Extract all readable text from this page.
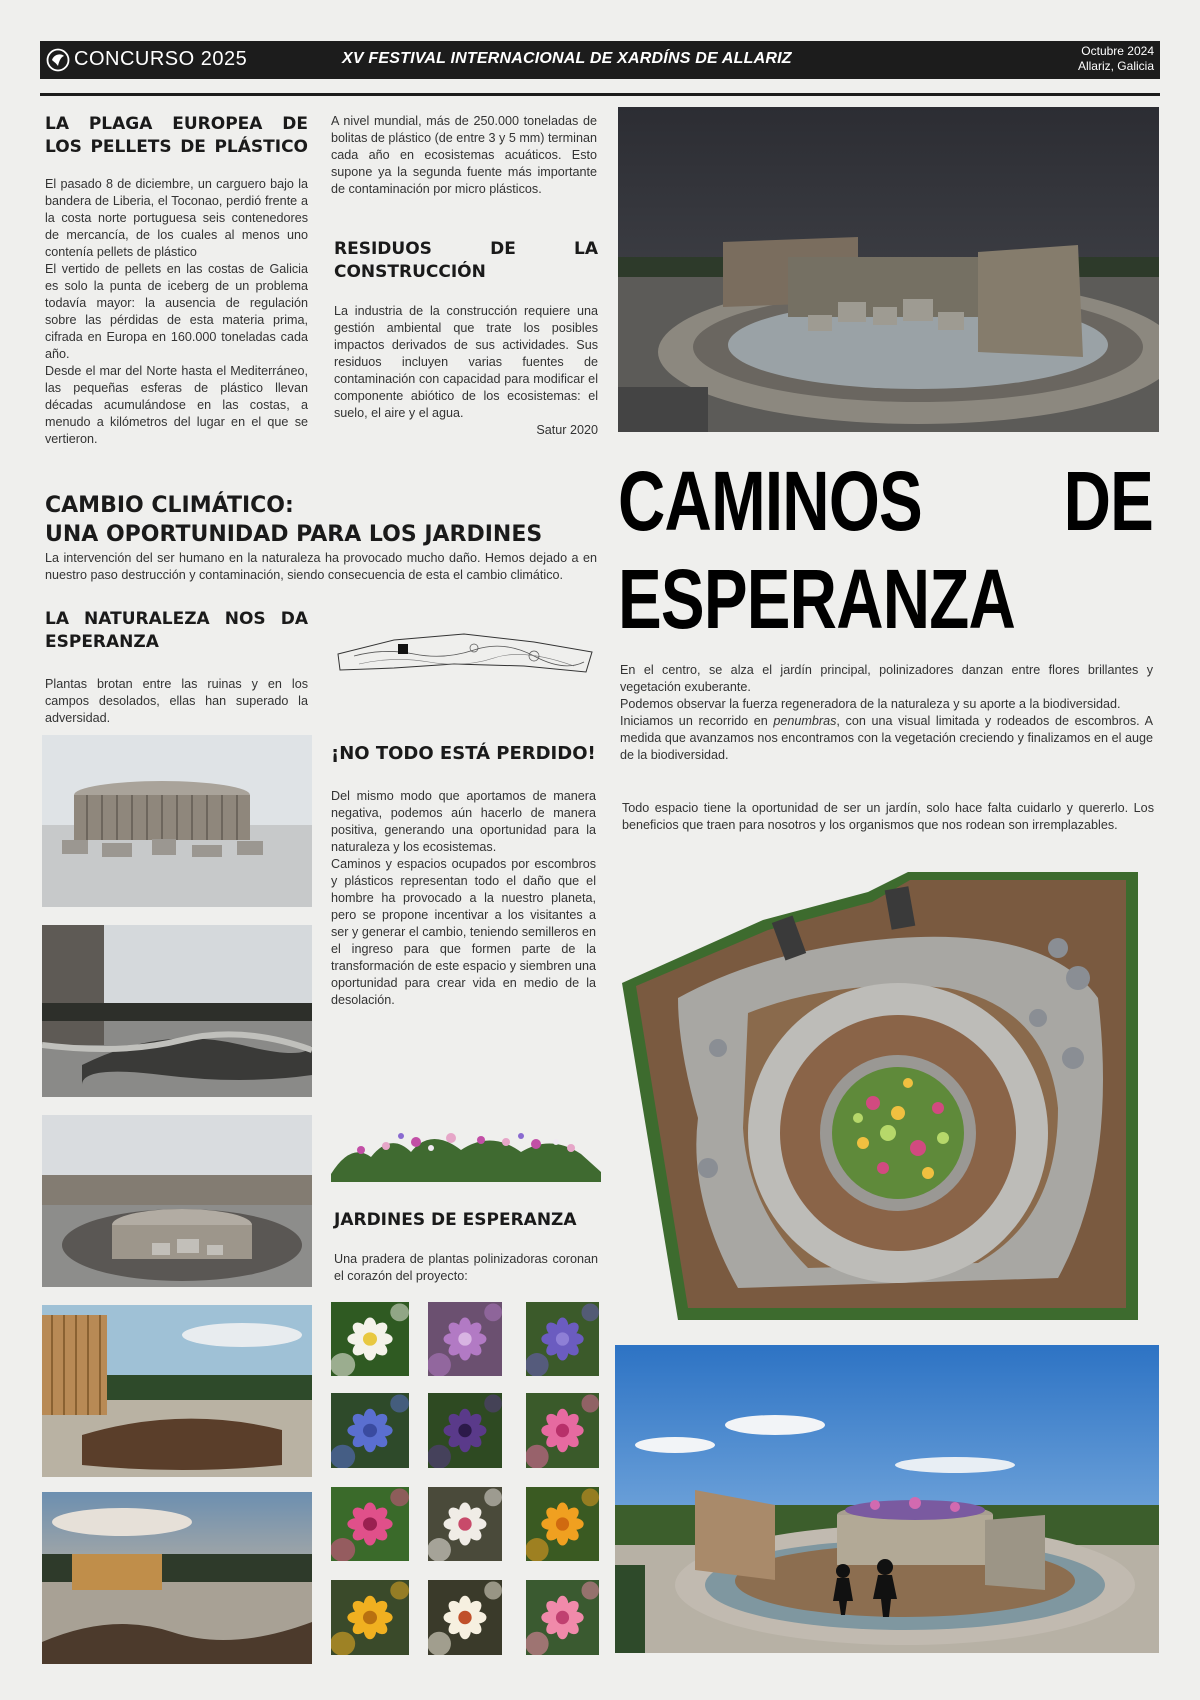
CONCURSO 2025	XV FESTIVAL INTERNACIONAL DE XARDÍNS DE ALLARIZ	Octubre 2024
Allariz, Galicia
LA PLAGA EUROPEA DE LOS PELLETS DE PLÁSTICO

El pasado 8 de diciembre, un carguero bajo la bandera de Liberia, el Toconao, perdió frente a la costa norte portuguesa seis contenedores de mercancía, de los cuales al menos uno contenía pellets de plástico

El vertido de pellets en las costas de Galicia es solo la punta de iceberg de un problema todavía mayor: la ausencia de regulación sobre las pérdidas de esta materia prima, cifrada en Europa en 160.000 toneladas cada año.

Desde el mar del Norte hasta el Mediterráneo, las pequeñas esferas de plástico llevan décadas acumulándose en las costas, a menudo a kilómetros del lugar en el que se vertieron.

A nivel mundial, más de 250.000 toneladas de bolitas de plástico (de entre 3 y 5 mm) terminan cada año en ecosistemas acuáticos. Esto supone ya la segunda fuente más importante de contaminación por micro plásticos.
RESIDUOS DE LA CONSTRUCCIÓN

La industria de la construcción requiere una gestión ambiental que trate los posibles impactos derivados de sus actividades. Sus residuos incluyen varias fuentes de contaminación con capacidad para modificar el componente abiótico de los ecosistemas: el suelo, el aire y el agua.

Satur 2020

CAMINOS DE
ESPERANZA
CAMBIO CLIMÁTICO:
UNA OPORTUNIDAD PARA LOS JARDINES
La intervención del ser humano en la naturaleza ha provocado mucho daño. Hemos dejado a en nuestro paso destrucción y contaminación, siendo consecuencia de esta el cambio climático.
LA NATURALEZA NOS DA ESPERANZA
Plantas brotan entre las ruinas y en los campos desolados, ellas han superado la adversidad.
¡NO TODO ESTÁ PERDIDO!

Del mismo modo que aportamos de manera negativa, podemos aún hacerlo de manera positiva, generando una oportunidad para la naturaleza y los ecosistemas.

Caminos y espacios ocupados por escombros y plásticos representan todo el daño que el hombre ha provocado a la nuestro planeta, pero se propone incentivar a los visitantes a ser y generar el cambio, teniendo semilleros en el ingreso para que formen parte de la transformación de este espacio y siembren una oportunidad para crear vida en medio de la desolación.

En el centro, se alza el jardín principal, polinizadores danzan entre flores brillantes y vegetación exuberante.

Podemos observar la fuerza regeneradora de la naturaleza y su aporte a la biodiversidad.

Iniciamos un recorrido en penumbras, con una visual limitada y rodeados de escombros. A medida que avanzamos nos encontramos con la vegetación creciendo y finalizamos en el auge de la biodiversidad.

Todo espacio tiene la oportunidad de ser un jardín, solo hace falta cuidarlo y quererlo. Los beneficios que traen para nosotros y los organismos que nos rodean son irremplazables.
JARDINES DE ESPERANZA
Una pradera de plantas polinizadoras coronan el corazón del proyecto:
